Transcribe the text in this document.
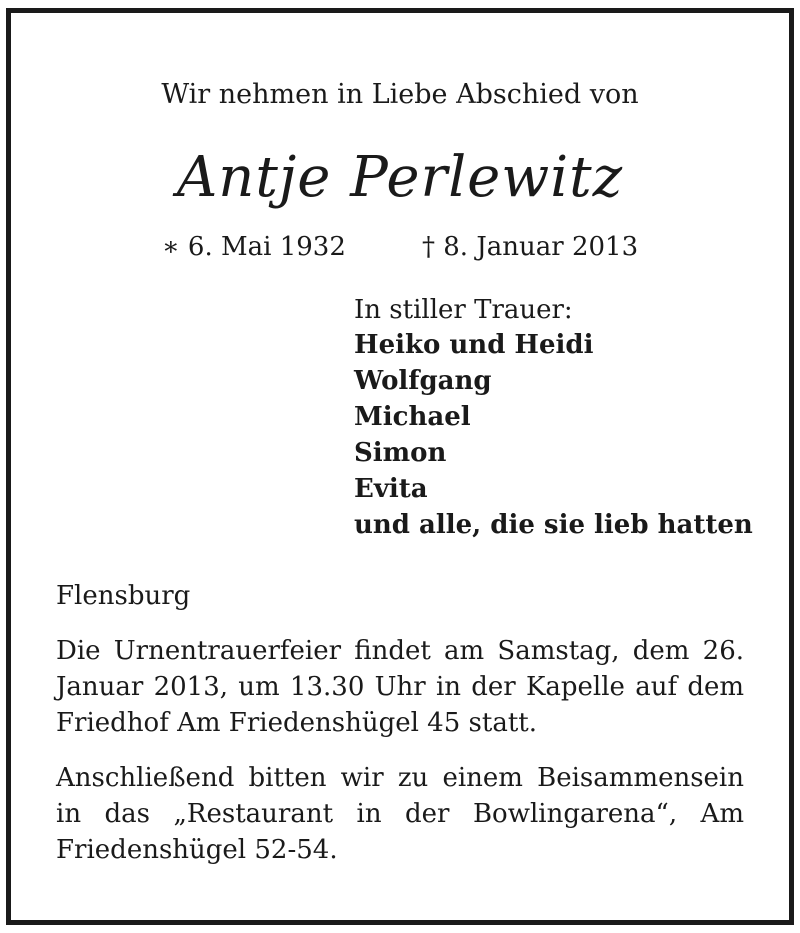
Wir nehmen in Liebe Abschied von
Antje Perlewitz
∗ 6. Mai 1932	† 8. Januar 2013
In stiller Trauer:
Heiko und Heidi
Wolfgang
Michael
Simon
Evita
und alle, die sie lieb hatten
Flensburg
Die Urnentrauerfeier findet am Samstag, dem 26. Januar 2013, um 13.30 Uhr in der Kapelle auf dem Friedhof Am Friedenshügel 45 statt.
Anschließend bitten wir zu einem Beisammensein in das „Restaurant in der Bowlingarena“, Am Friedenshügel 52-54.
